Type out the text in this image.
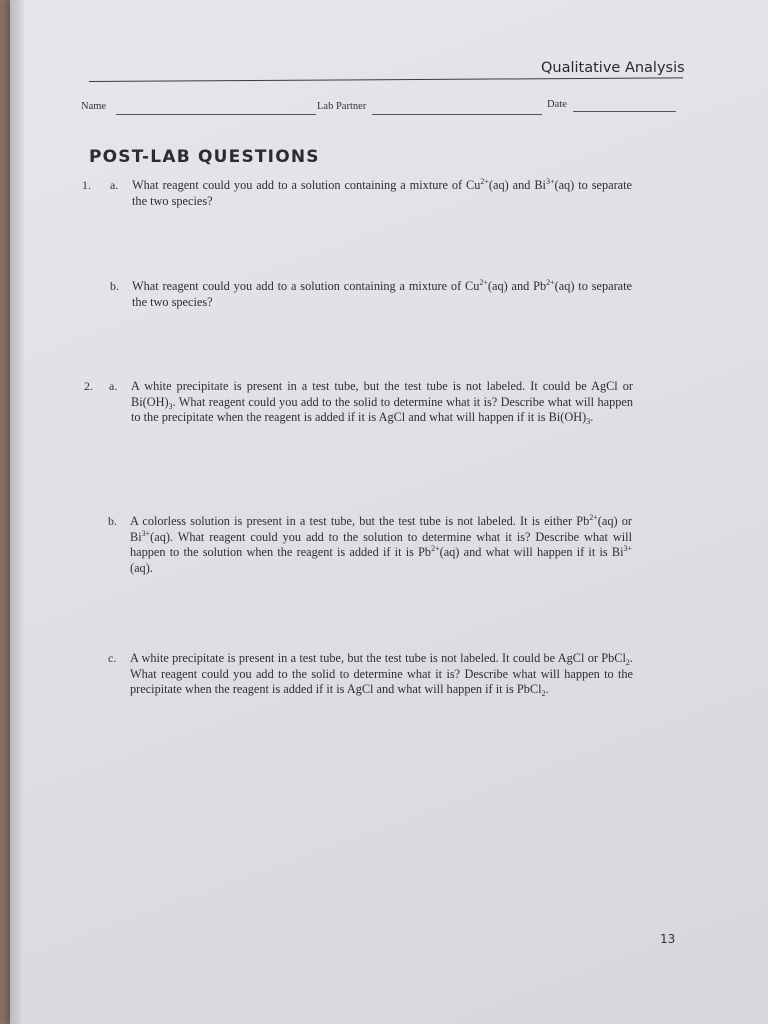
Qualitative Analysis
Name	Lab Partner	Date
POST-LAB QUESTIONS
1. a. What reagent could you add to a solution containing a mixture of $Cu^{2+}(aq)$ and $Bi^{3+}(aq)$ to separate the two species?
b. What reagent could you add to a solution containing a mixture of $Cu^{2+}(aq)$ and $Pb^{2+}(aq)$ to separate the two species?
2. a. A white precipitate is present in a test tube, but the test tube is not labeled. It could be AgCl or $Bi(OH)_3$. What reagent could you add to the solid to determine what it is? Describe what will happen to the precipitate when the reagent is added if it is AgCl and what will happen if it is $Bi(OH)_3$.
b. A colorless solution is present in a test tube, but the test tube is not labeled. It is either $Pb^{2+}(aq)$ or $Bi^{3+}(aq)$. What reagent could you add to the solution to determine what it is? Describe what will happen to the solution when the reagent is added if it is $Pb^{2+}(aq)$ and what will happen if it is $Bi^{3+}(aq)$.
c. A white precipitate is present in a test tube, but the test tube is not labeled. It could be AgCl or PbCl$_2$. What reagent could you add to the solid to determine what it is? Describe what will happen to the precipitate when the reagent is added if it is AgCl and what will happen if it is PbCl$_2$.
13
